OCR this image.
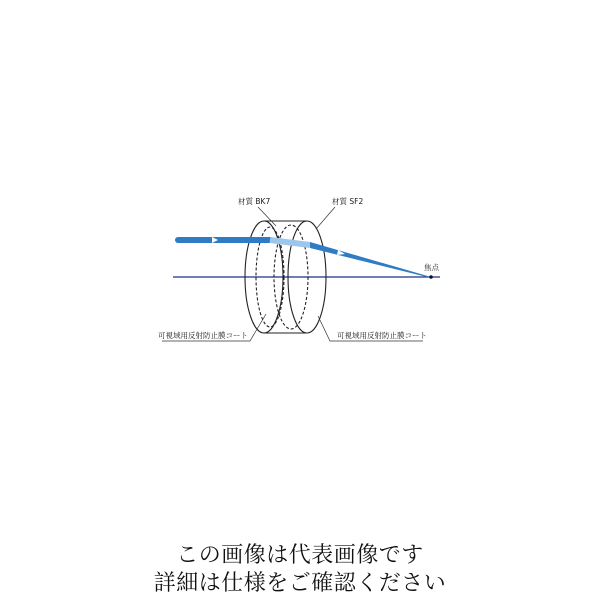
焦点
材質 BK7	材質 SF2
可視域用反射防止膜コート	可視域用反射防止膜コート
この画像は代表画像です
詳細は仕様をご確認ください
